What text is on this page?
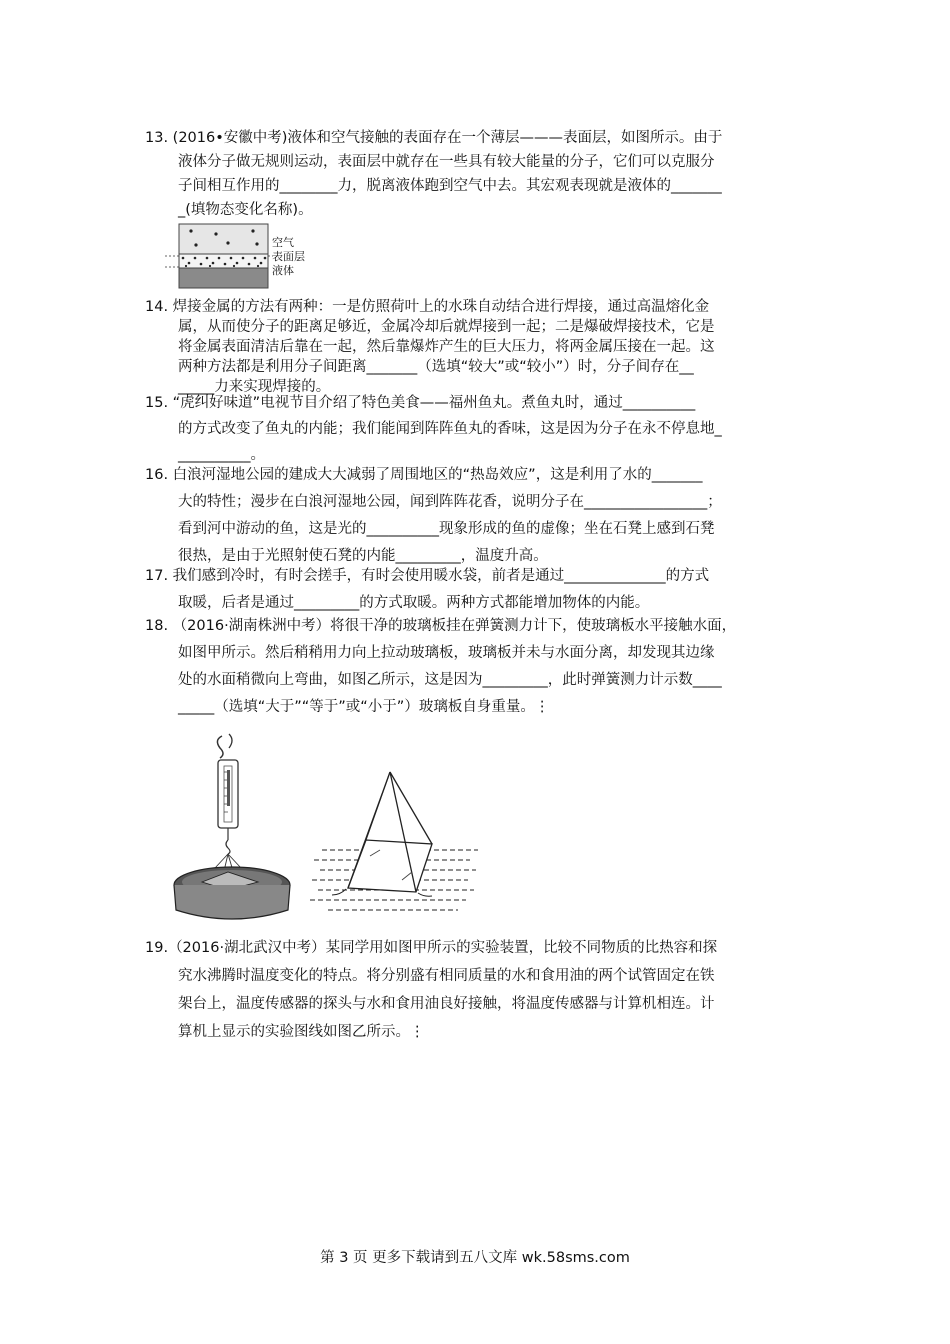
13. (2016•安徽中考)液体和空气接触的表面存在一个薄层———表面层，如图所示。由于

液体分子做无规则运动，表面层中就存在一些具有较大能量的分子，它们可以克服分

子间相互作用的________力，脱离液体跑到空气中去。其宏观表现就是液体的_______

_(填物态变化名称)。

空气
表面层
液体

14. 焊接金属的方法有两种：一是仿照荷叶上的水珠自动结合进行焊接，通过高温熔化金

属，从而使分子的距离足够近，金属冷却后就焊接到一起；二是爆破焊接技术，它是

将金属表面清洁后靠在一起，然后靠爆炸产生的巨大压力，将两金属压接在一起。这

两种方法都是利用分子间距离_______（选填“较大”或“较小”）时，分子间存在__

_____力来实现焊接的。

15. “虎纠好味道”电视节目介绍了特色美食——福州鱼丸。煮鱼丸时，通过__________

的方式改变了鱼丸的内能；我们能闻到阵阵鱼丸的香味，这是因为分子在永不停息地_

__________。

16. 白浪河湿地公园的建成大大减弱了周围地区的“热岛效应”，这是利用了水的_______

大的特性；漫步在白浪河湿地公园，闻到阵阵花香，说明分子在_________________；

看到河中游动的鱼，这是光的__________现象形成的鱼的虚像；坐在石凳上感到石凳

很热，是由于光照射使石凳的内能_________，温度升高。

17. 我们感到冷时，有时会搓手，有时会使用暖水袋，前者是通过______________的方式

取暖，后者是通过_________的方式取暖。两种方式都能增加物体的内能。

18. （2016·湖南株洲中考）将很干净的玻璃板挂在弹簧测力计下，使玻璃板水平接触水面，

如图甲所示。然后稍稍用力向上拉动玻璃板，玻璃板并未与水面分离，却发现其边缘

处的水面稍微向上弯曲，如图乙所示，这是因为_________，此时弹簧测力计示数____

_____（选填“大于”“等于”或“小于”）玻璃板自身重量。⋮

19.（2016·湖北武汉中考）某同学用如图甲所示的实验装置，比较不同物质的比热容和探

究水沸腾时温度变化的特点。将分别盛有相同质量的水和食用油的两个试管固定在铁

架台上，温度传感器的探头与水和食用油良好接触，将温度传感器与计算机相连。计

算机上显示的实验图线如图乙所示。⋮

第 3 页 更多下载请到五八文库 wk.58sms.com
